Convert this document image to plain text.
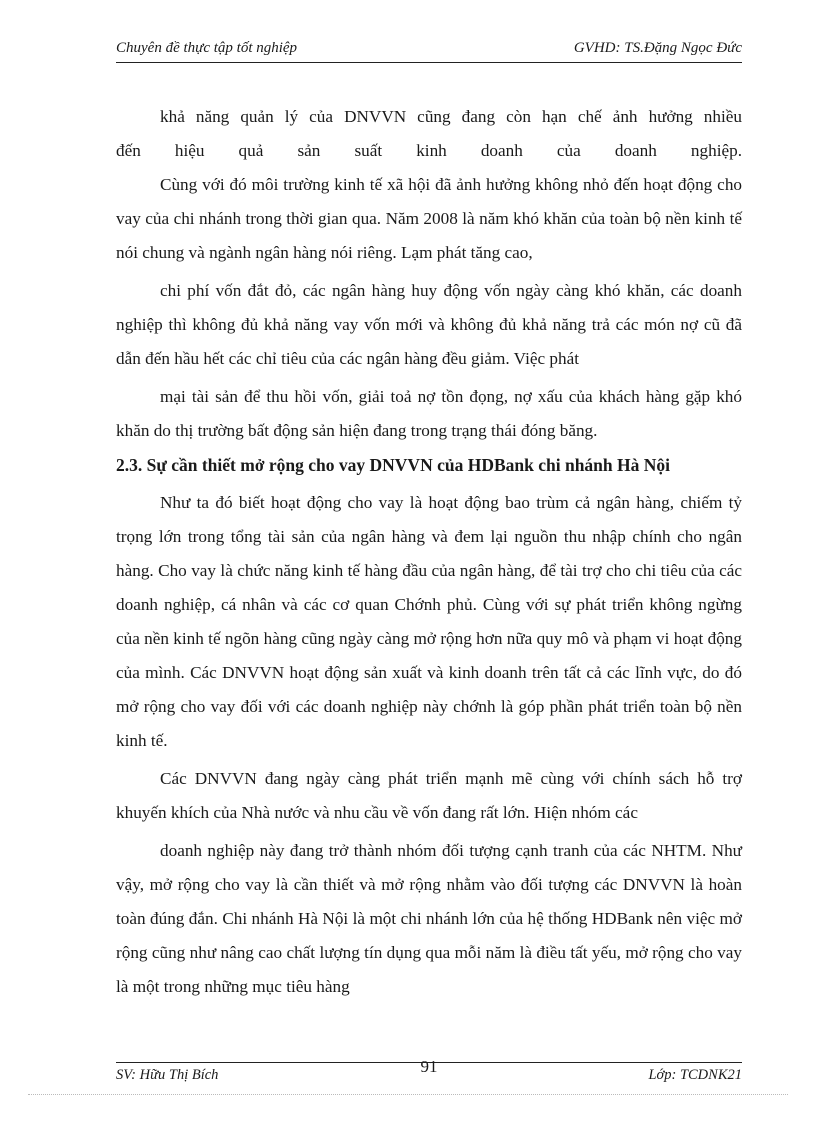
Chuyên đề thực tập tốt nghiệp	GVHD: TS.Đặng Ngọc Đức

khả năng quản lý của DNVVN cũng đang còn hạn chế ảnh hưởng nhiều

đến hiệu quả sản suất kinh doanh của doanh nghiệp.

Cùng với đó môi trường kinh tế xã hội đã ảnh hưởng không nhỏ đến hoạt động cho vay của chi nhánh trong thời gian qua. Năm 2008 là năm khó khăn của toàn bộ nền kinh tế nói chung và ngành ngân hàng nói riêng. Lạm phát tăng cao,

chi phí vốn đắt đỏ, các ngân hàng huy động vốn ngày càng khó khăn, các doanh nghiệp thì không đủ khả năng vay vốn mới và không đủ khả năng trả các món nợ cũ đã dẫn đến hầu hết các chỉ tiêu của các ngân hàng đều giảm. Việc phát

mại tài sản để thu hồi vốn, giải toả nợ tồn đọng, nợ xấu của khách hàng gặp khó khăn do thị trường bất động sản hiện đang trong trạng thái đóng băng.

2.3. Sự cần thiết mở rộng cho vay DNVVN của HDBank chi nhánh Hà Nội

Như ta đó biết hoạt động cho vay là hoạt động bao trùm cả ngân hàng, chiếm tỷ trọng lớn trong tổng tài sản của ngân hàng và đem lại nguồn thu nhập chính cho ngân hàng. Cho vay là chức năng kinh tế hàng đầu của ngân hàng, để tài trợ cho chi tiêu của các doanh nghiệp, cá nhân và các cơ quan Chớnh phủ. Cùng với sự phát triển không ngừng của nền kinh tế ngõn hàng cũng ngày càng mở rộng hơn nữa quy mô và phạm vi hoạt động của mình. Các DNVVN hoạt động sản xuất và kinh doanh trên tất cả các lĩnh vực, do đó mở rộng cho vay đối với các doanh nghiệp này chớnh là góp phần phát triển toàn bộ nền kinh tế.

Các DNVVN đang ngày càng phát triển mạnh mẽ cùng với chính sách hỗ trợ khuyến khích của Nhà nước và nhu cầu về vốn đang rất lớn. Hiện nhóm các

doanh nghiệp này đang trở thành nhóm đối tượng cạnh tranh của các NHTM. Như vậy, mở rộng cho vay là cần thiết và mở rộng nhằm vào đối tượng các DNVVN là hoàn toàn đúng đắn. Chi nhánh Hà Nội là một chi nhánh lớn của hệ thống HDBank nên việc mở rộng cũng như nâng cao chất lượng tín dụng qua mỗi năm là điều tất yếu, mở rộng cho vay là một trong những mục tiêu hàng

SV: Hữu Thị Bích	91	Lớp: TCDNK21
